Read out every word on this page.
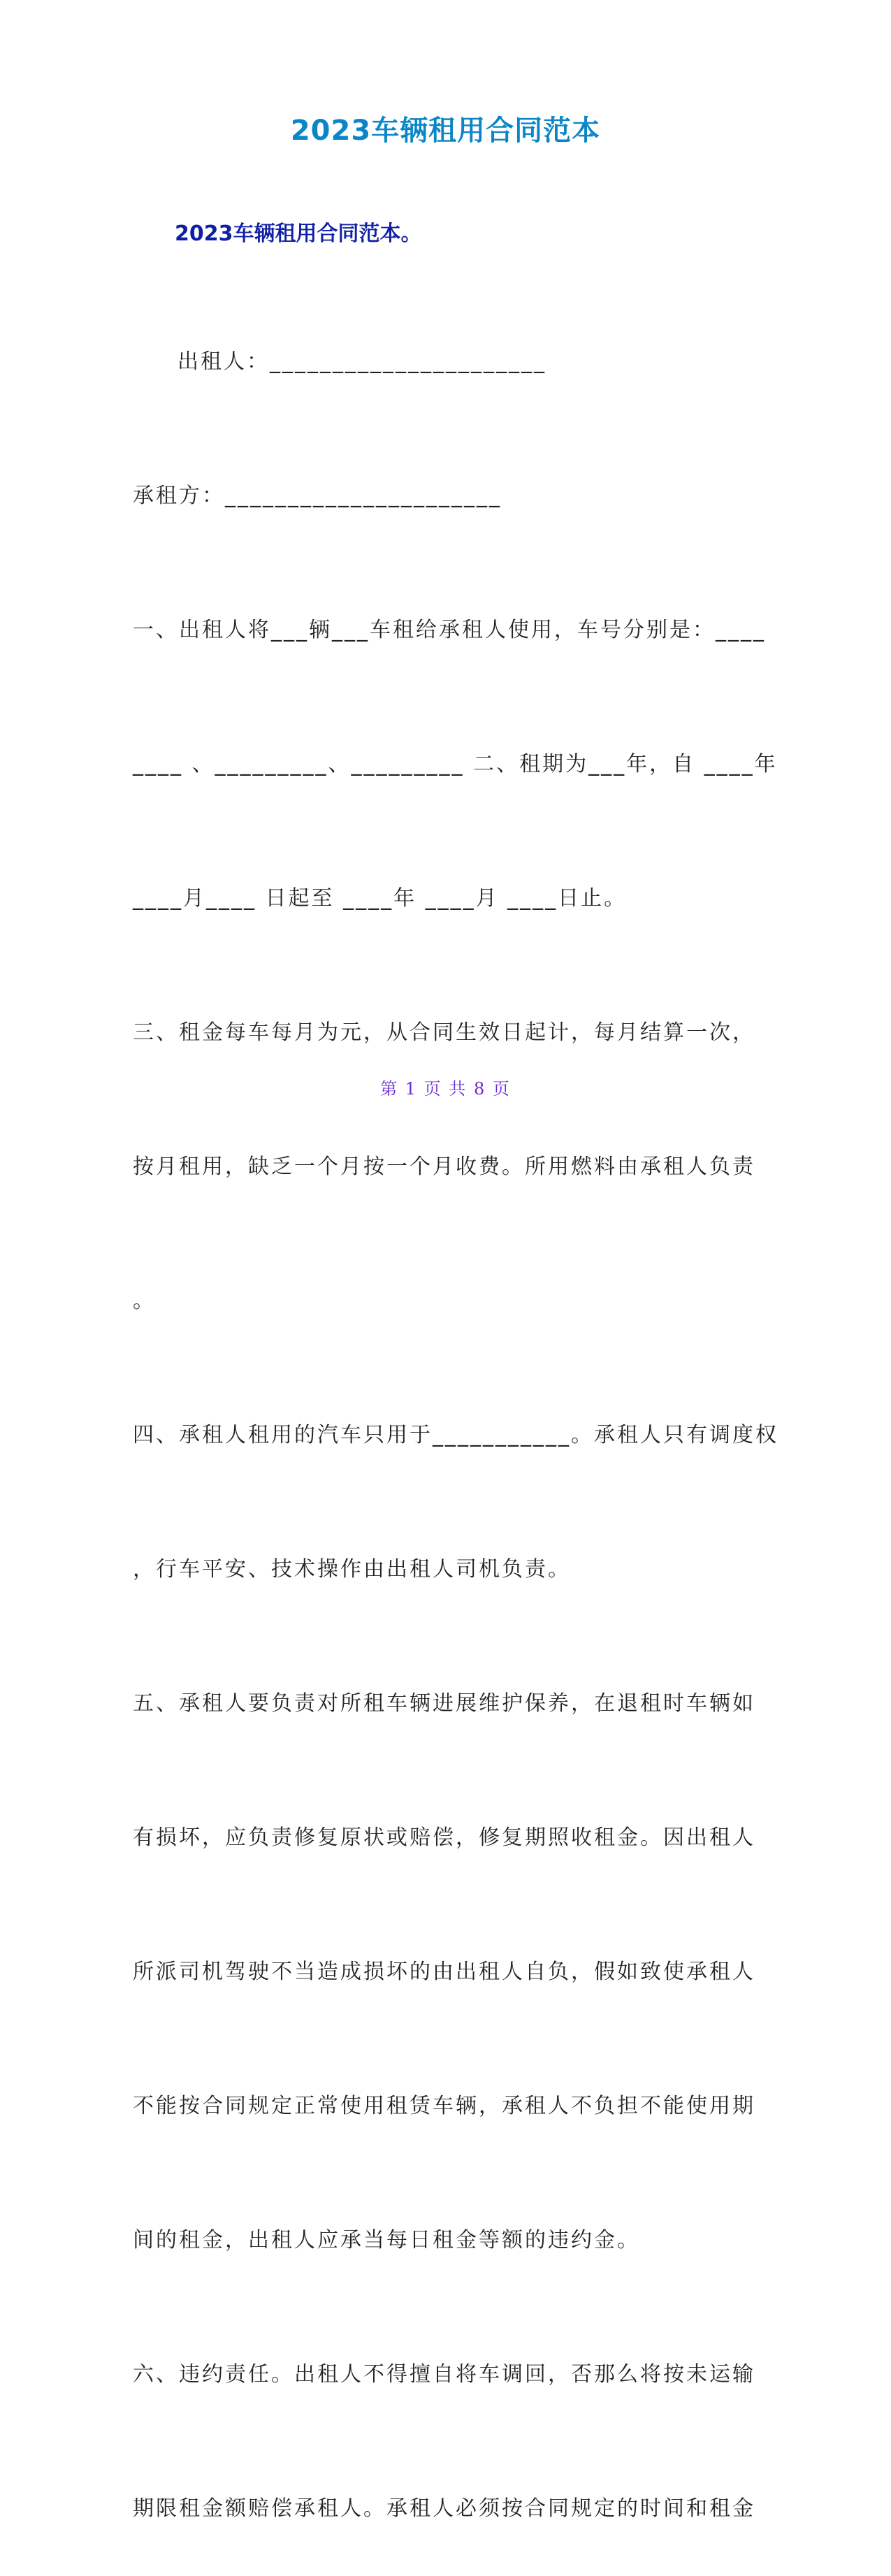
2023车辆租用合同范本
2023车辆租用合同范本。

出租人：______________________

承租方：______________________

一、出租人将___辆___车租给承租人使用，车号分别是：____

____ 、_________、_________ 二、租期为___年，自 ____年

____月____ 日起至 ____年 ____月 ____日止。

三、租金每车每月为元，从合同生效日起计，每月结算一次，

按月租用，缺乏一个月按一个月收费。所用燃料由承租人负责

。

四、承租人租用的汽车只用于___________。承租人只有调度权

，行车平安、技术操作由出租人司机负责。

五、承租人要负责对所租车辆进展维护保养，在退租时车辆如

有损坏，应负责修复原状或赔偿，修复期照收租金。因出租人

所派司机驾驶不当造成损坏的由出租人自负，假如致使承租人

不能按合同规定正常使用租赁车辆，承租人不负担不能使用期

间的租金，出租人应承当每日租金等额的违约金。

六、违约责任。出租人不得擅自将车调回，否那么将按未运输

期限租金额赔偿承租人。承租人必须按合同规定的时间和租金

第 1 页 共 8 页
